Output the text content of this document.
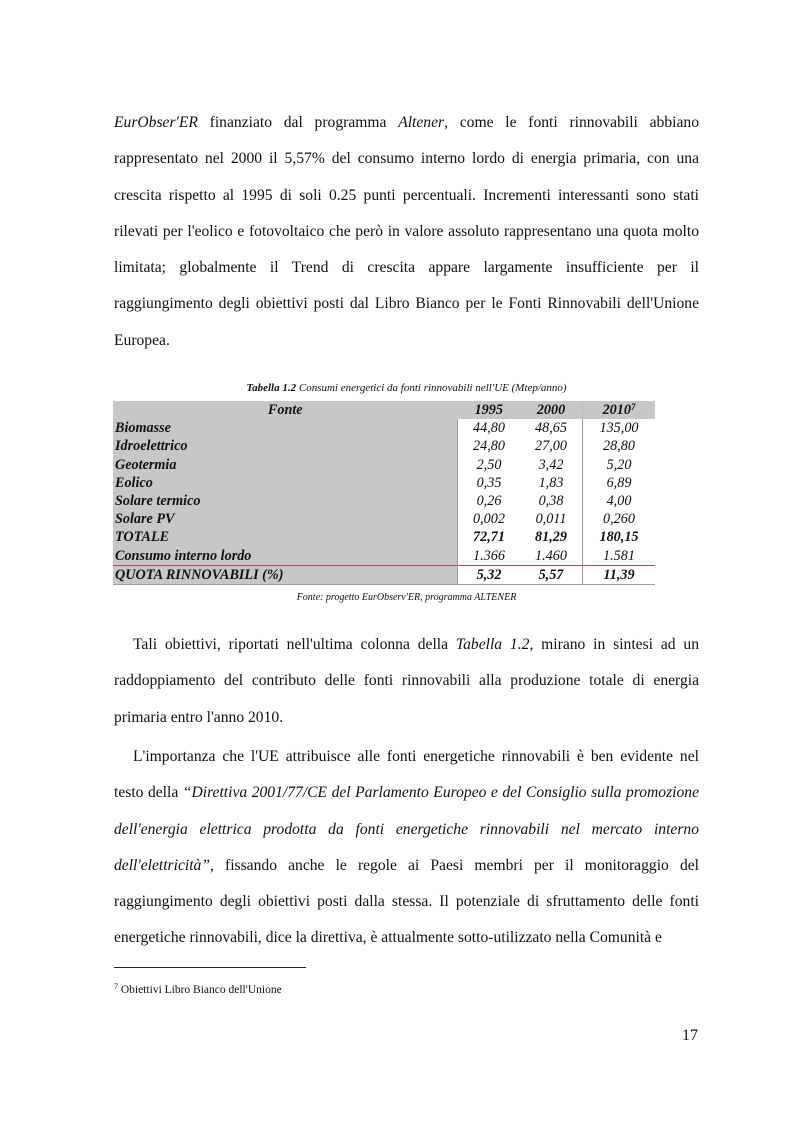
EurObser'ER finanziato dal programma Altener, come le fonti rinnovabili abbiano rappresentato nel 2000 il 5,57% del consumo interno lordo di energia primaria, con una crescita rispetto al 1995 di soli 0.25 punti percentuali. Incrementi interessanti sono stati rilevati per l'eolico e fotovoltaico che però in valore assoluto rappresentano una quota molto limitata; globalmente il Trend di crescita appare largamente insufficiente per il raggiungimento degli obiettivi posti dal Libro Bianco per le Fonti Rinnovabili dell'Unione Europea.

Tabella 1.2 Consumi energetici da fonti rinnovabili nell'UE (Mtep/anno)
Fonte	1995	2000	2010$^7$
Biomasse	44,80	48,65	135,00
Idroelettrico	24,80	27,00	28,80
Geotermia	2,50	3,42	5,20
Eolico	0,35	1,83	6,89
Solare termico	0,26	0,38	4,00
Solare PV	0,002	0,011	0,260
TOTALE	72,71	81,29	180,15
Consumo interno lordo	1.366	1.460	1.581
QUOTA RINNOVABILI (%)	5,32	5,57	11,39
Fonte: progetto EurObserv'ER, programma ALTENER

Tali obiettivi, riportati nell'ultima colonna della Tabella 1.2, mirano in sintesi ad un raddoppiamento del contributo delle fonti rinnovabili alla produzione totale di energia primaria entro l'anno 2010.

L'importanza che l'UE attribuisce alle fonti energetiche rinnovabili è ben evidente nel testo della “Direttiva 2001/77/CE del Parlamento Europeo e del Consiglio sulla promozione dell'energia elettrica prodotta da fonti energetiche rinnovabili nel mercato interno dell'elettricità”, fissando anche le regole ai Paesi membri per il monitoraggio del raggiungimento degli obiettivi posti dalla stessa. Il potenziale di sfruttamento delle fonti energetiche rinnovabili, dice la direttiva, è attualmente sotto-utilizzato nella Comunità e

$^7$ Obiettivi Libro Bianco dell'Unione
17
